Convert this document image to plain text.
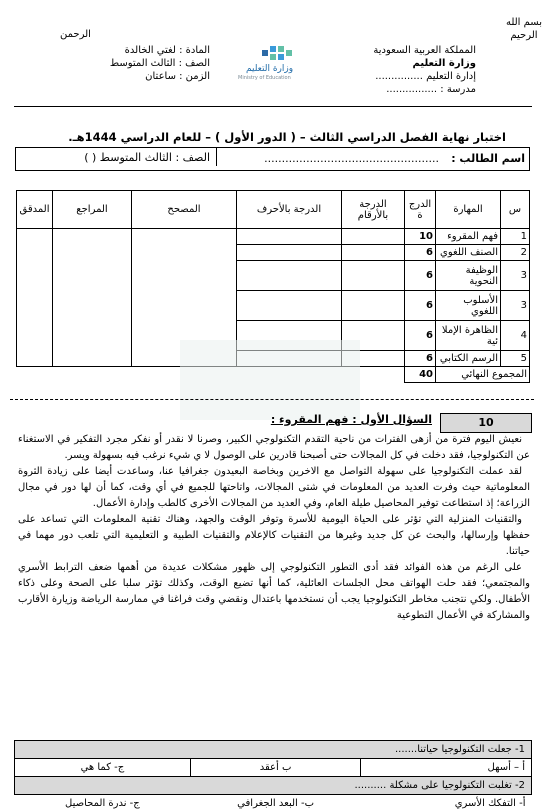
بسم الله
الرحيم
الرحمن
المملكة العربية السعودية
وزارة التعليم
إدارة التعليم ...............
مدرسة : ................
وزارة التعليم
Ministry of Education
المادة : لغتي الخالدة
الصف : الثالث المتوسط
الزمن : ساعتان
اختبار نهاية الفصل الدراسي الثالث – ( الدور الأول ) – للعام الدراسي 1444هـ.
اسم الطالب :
..................................................
الصف : الثالث المتوسط ( )
س	المهارة	الدرج ة	الدرجة بالأرقام	الدرجة بالأحرف	المصحح	المراجع	المدقق
1	فهم المقروء	10					
2	الصنف اللغوي	6					
3	الوظيفة النحوية	6					
3	الأسلوب اللغوي	6					
4	الظاهرة الإملا ئية	6					
5	الرسم الكتابي	6					
المجموع النهائي		40					
10
السؤال الأول : فهم المقروء :
نعيش اليوم فترة من أزهى الفترات من ناحية التقدم التكنولوجي الكبير، وصرنا لا نقدر أو نفكر مجرد التفكير في الاستغناء عن التكنولوجيا، فقد دخلت في كل المجالات حتى أصبحنا قادرين على الوصول لا ي شيء نرغب فيه بسهولة ويسر.
لقد عملت التكنولوجيا على سهولة التواصل مع الاخرين وبخاصة البعيدون جغرافيا عنا، وساعدت أيضا على زيادة الثروة المعلوماتية حيث وفرت العديد من المعلومات في شتى المجالات، واتاحتها للجميع في أي وقت، كما أن لها دور في مجال الزراعة؛ إذ استطاعت توفير المحاصيل طيلة العام، وفي العديد من المجالات الأخرى كالطب وإدارة الأعمال.
والتقنيات المنزلية التي تؤثر على الحياة اليومية للأسرة وتوفر الوقت والجهد، وهناك تقنية المعلومات التي تساعد على حفظها وإرسالها، والبحث عن كل جديد وغيرها من التقنيات كالإعلام والتقنيات الطبية و التعليمية التي تلعب دور مهما في حياتنا.
على الرغم من هذه الفوائد فقد أدى التطور التكنولوجي إلى ظهور مشكلات عديدة من أهمها ضعف الترابط الأسري والمجتمعي؛ فقد حلت الهواتف محل الجلسات العائلية، كما أنها تضيع الوقت، وكذلك تؤثر سلبا على الصحة وعلى ذكاء الأطفال. ولكي نتجنب مخاطر التكنولوجيا يجب أن نستخدمها باعتدال ونقضي وقت فراغنا في ممارسة الرياضة وزيارة الأقارب والمشاركة في الأعمال التطوعية
1- جعلت التكنولوجيا حياتنا.......		
أ – أسهل	ب أعقد	ج- كما هي
2- تغلبت التكنولوجيا على مشكلة ..........		
أ- التفكك الأسري	ب- البعد الجغرافي	ج- ندرة المحاصيل
